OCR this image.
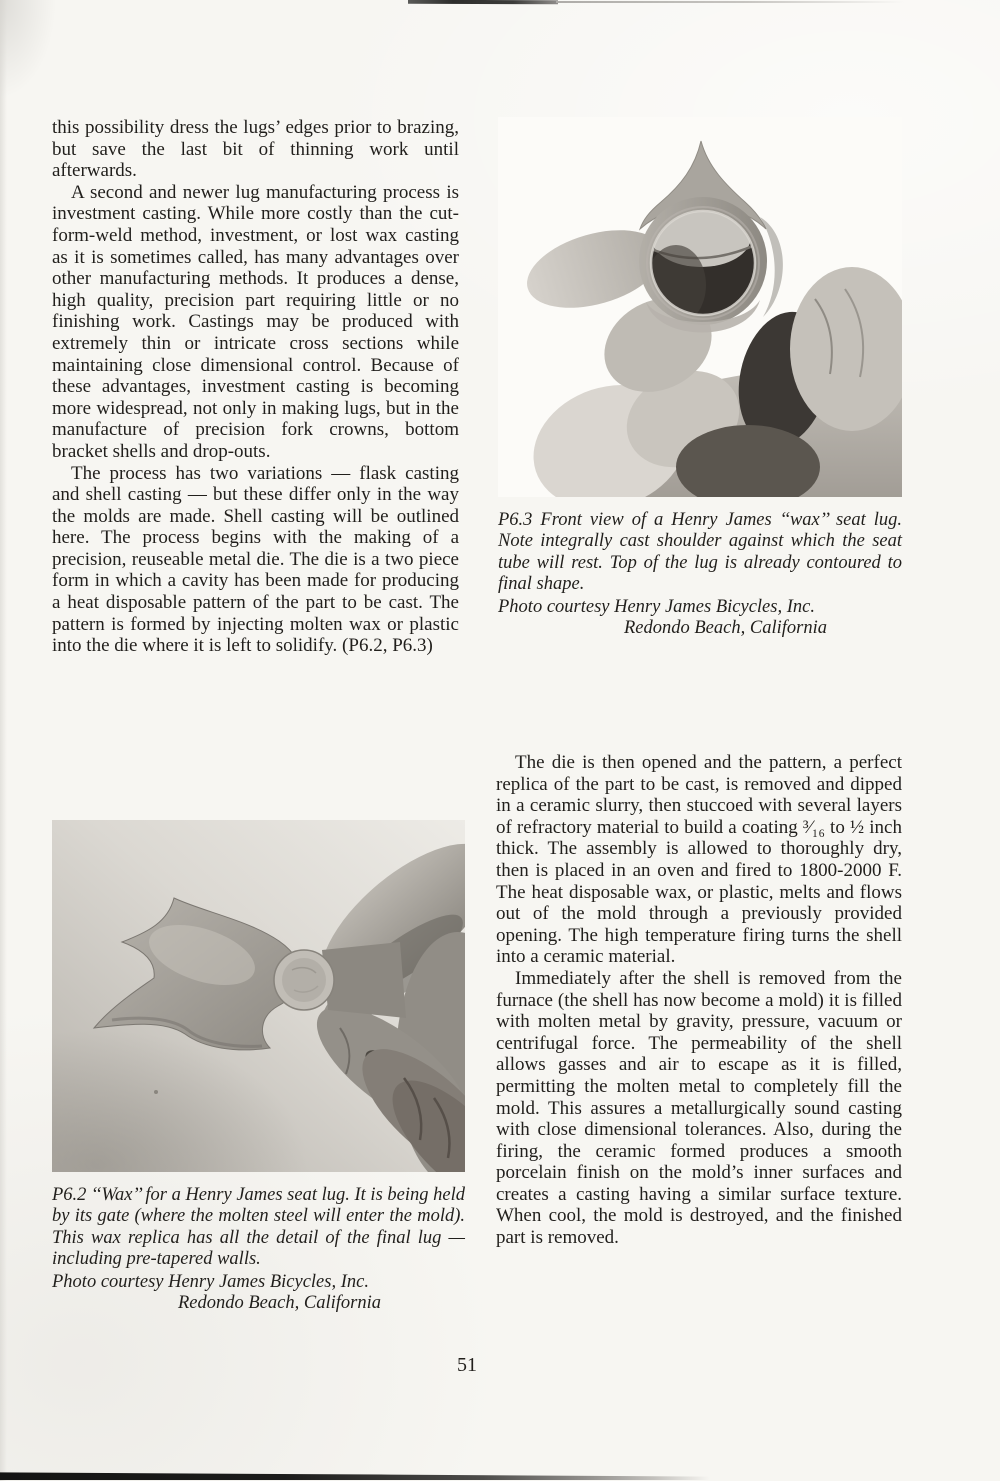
this possibility dress the lugs’ edges prior to brazing, but save the last bit of thinning work until afterwards.

A second and newer lug manufacturing process is investment casting. While more costly than the cut-form-weld method, investment, or lost wax casting as it is sometimes called, has many advantages over other manufacturing methods. It produces a dense, high quality, precision part requiring little or no finishing work. Castings may be produced with extremely thin or intricate cross sections while maintaining close dimensional control. Because of these advantages, investment casting is becoming more widespread, not only in making lugs, but in the manufacture of precision fork crowns, bottom bracket shells and drop-outs.

The process has two variations — flask casting and shell casting — but these differ only in the way the molds are made. Shell casting will be outlined here. The process begins with the making of a precision, reuseable metal die. The die is a two piece form in which a cavity has been made for producing a heat disposable pattern of the part to be cast. The pattern is formed by injecting molten wax or plastic into the die where it is left to solidify. (P6.2, P6.3)

P6.3 Front view of a Henry James ‘‘wax’’ seat lug. Note integrally cast shoulder against which the seat tube will rest. Top of the lug is already contoured to final shape.

Photo courtesy Henry James Bicycles, Inc.

Redondo Beach, California

P6.2 ‘‘Wax’’ for a Henry James seat lug. It is being held by its gate (where the molten steel will enter the mold). This wax replica has all the detail of the final lug — including pre-tapered walls.

Photo courtesy Henry James Bicycles, Inc.

Redondo Beach, California

The die is then opened and the pattern, a perfect replica of the part to be cast, is removed and dipped in a ceramic slurry, then stuccoed with several layers of refractory material to build a coating ³⁄₁₆ to ½ inch thick. The assembly is allowed to thoroughly dry, then is placed in an oven and fired to 1800-2000 F. The heat disposable wax, or plastic, melts and flows out of the mold through a previously provided opening. The high temperature firing turns the shell into a ceramic material.

Immediately after the shell is removed from the furnace (the shell has now become a mold) it is filled with molten metal by gravity, pressure, vacuum or centrifugal force. The permeability of the shell allows gasses and air to escape as it is filled, permitting the molten metal to completely fill the mold. This assures a metallurgically sound casting with close dimensional tolerances. Also, during the firing, the ceramic formed produces a smooth porcelain finish on the mold’s inner surfaces and creates a casting having a similar surface texture. When cool, the mold is destroyed, and the finished part is removed.

51
